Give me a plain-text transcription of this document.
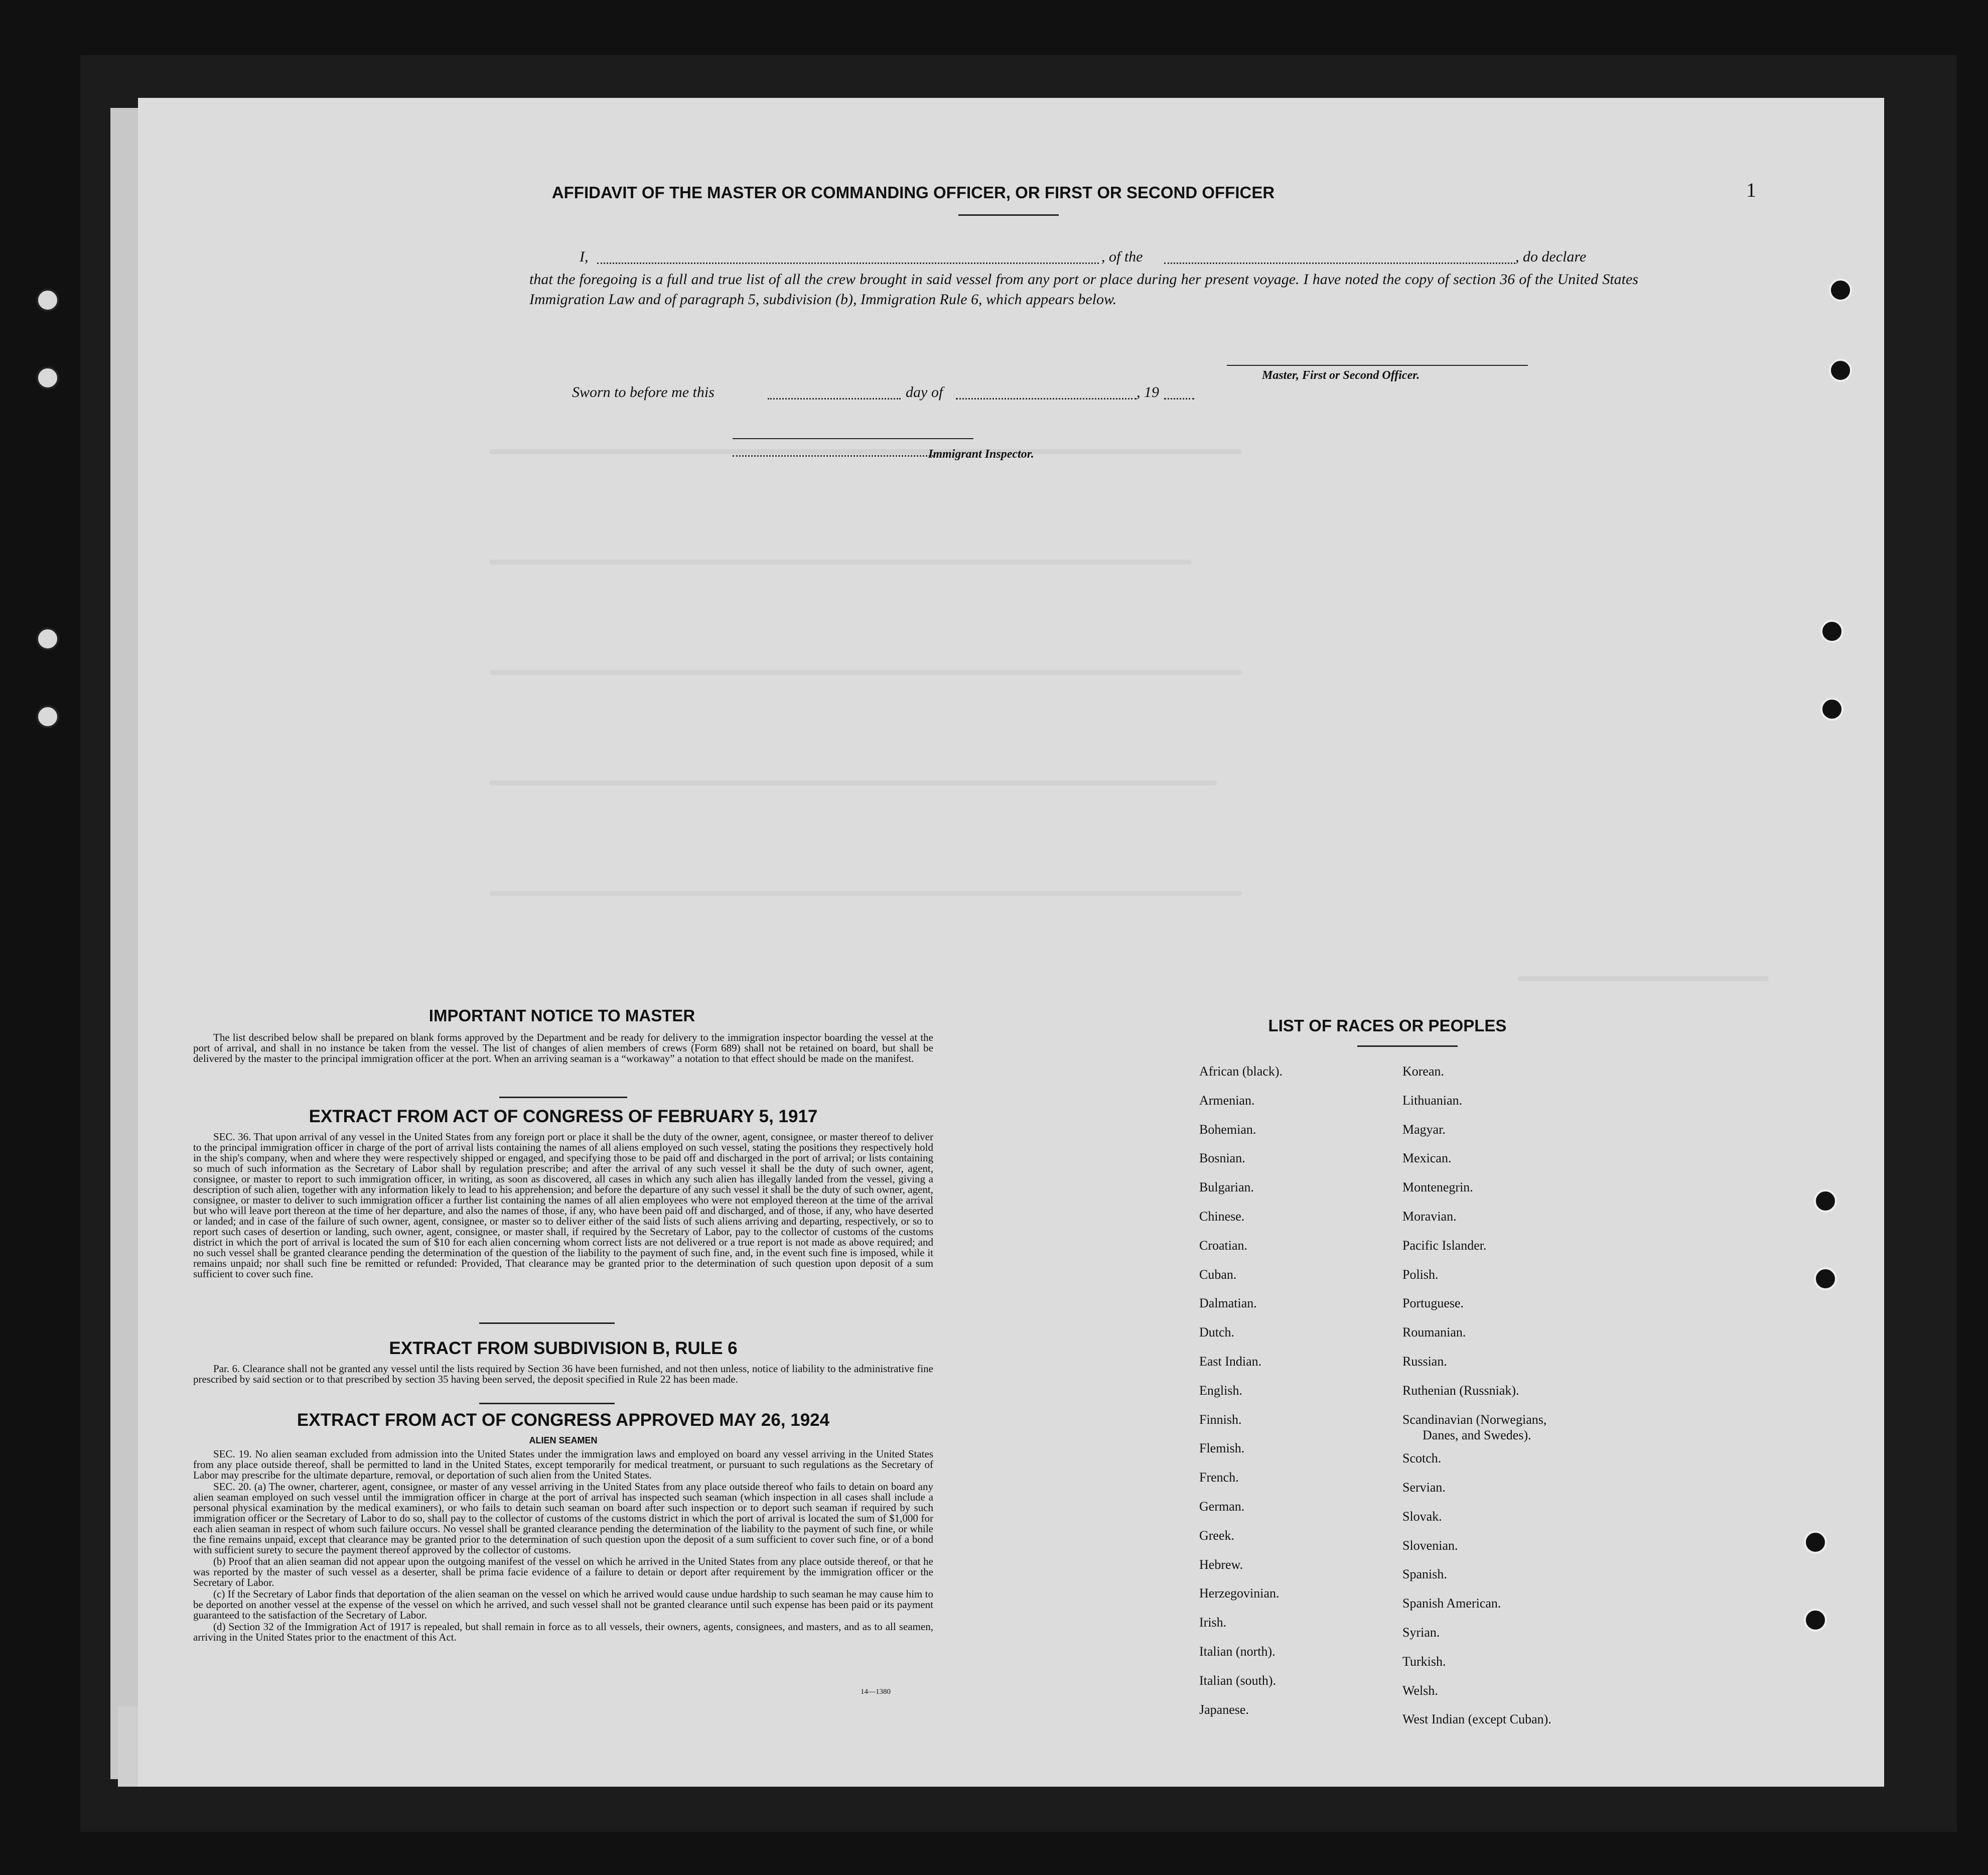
1
AFFIDAVIT OF THE MASTER OR COMMANDING OFFICER, OR FIRST OR SECOND OFFICER
I,	, of the	, do declare
that the foregoing is a full and true list of all the crew brought in said vessel from any port or place during her present voyage. I have noted the copy of section 36 of the United States Immigration Law and of paragraph 5, subdivision (b), Immigration Rule 6, which appears below.
Master, First or Second Officer.
Sworn to before me this	day of	, 19
Immigrant Inspector.
IMPORTANT NOTICE TO MASTER

The list described below shall be prepared on blank forms approved by the Department and be ready for delivery to the immigration inspector boarding the vessel at the port of arrival, and shall in no instance be taken from the vessel. The list of changes of alien members of crews (Form 689) shall not be retained on board, but shall be delivered by the master to the principal immigration officer at the port. When an arriving seaman is a “workaway” a notation to that effect should be made on the manifest.

EXTRACT FROM ACT OF CONGRESS OF FEBRUARY 5, 1917

SEC. 36. That upon arrival of any vessel in the United States from any foreign port or place it shall be the duty of the owner, agent, consignee, or master thereof to deliver to the principal immigration officer in charge of the port of arrival lists containing the names of all aliens employed on such vessel, stating the positions they respectively hold in the ship's company, when and where they were respectively shipped or engaged, and specifying those to be paid off and discharged in the port of arrival; or lists containing so much of such information as the Secretary of Labor shall by regulation prescribe; and after the arrival of any such vessel it shall be the duty of such owner, agent, consignee, or master to report to such immigration officer, in writing, as soon as discovered, all cases in which any such alien has illegally landed from the vessel, giving a description of such alien, together with any information likely to lead to his apprehension; and before the departure of any such vessel it shall be the duty of such owner, agent, consignee, or master to deliver to such immigration officer a further list containing the names of all alien employees who were not employed thereon at the time of the arrival but who will leave port thereon at the time of her departure, and also the names of those, if any, who have been paid off and discharged, and of those, if any, who have deserted or landed; and in case of the failure of such owner, agent, consignee, or master so to deliver either of the said lists of such aliens arriving and departing, respectively, or so to report such cases of desertion or landing, such owner, agent, consignee, or master shall, if required by the Secretary of Labor, pay to the collector of customs of the customs district in which the port of arrival is located the sum of $10 for each alien concerning whom correct lists are not delivered or a true report is not made as above required; and no such vessel shall be granted clearance pending the determination of the question of the liability to the payment of such fine, and, in the event such fine is imposed, while it remains unpaid; nor shall such fine be remitted or refunded: Provided, That clearance may be granted prior to the determination of such question upon deposit of a sum sufficient to cover such fine.

EXTRACT FROM SUBDIVISION B, RULE 6

Par. 6. Clearance shall not be granted any vessel until the lists required by Section 36 have been furnished, and not then unless, notice of liability to the administrative fine prescribed by said section or to that prescribed by section 35 having been served, the deposit specified in Rule 22 has been made.

EXTRACT FROM ACT OF CONGRESS APPROVED MAY 26, 1924
ALIEN SEAMEN

SEC. 19. No alien seaman excluded from admission into the United States under the immigration laws and employed on board any vessel arriving in the United States from any place outside thereof, shall be permitted to land in the United States, except temporarily for medical treatment, or pursuant to such regulations as the Secretary of Labor may prescribe for the ultimate departure, removal, or deportation of such alien from the United States.

SEC. 20. (a) The owner, charterer, agent, consignee, or master of any vessel arriving in the United States from any place outside thereof who fails to detain on board any alien seaman employed on such vessel until the immigration officer in charge at the port of arrival has inspected such seaman (which inspection in all cases shall include a personal physical examination by the medical examiners), or who fails to detain such seaman on board after such inspection or to deport such seaman if required by such immigration officer or the Secretary of Labor to do so, shall pay to the collector of customs of the customs district in which the port of arrival is located the sum of $1,000 for each alien seaman in respect of whom such failure occurs. No vessel shall be granted clearance pending the determination of the liability to the payment of such fine, or while the fine remains unpaid, except that clearance may be granted prior to the determination of such question upon the deposit of a sum sufficient to cover such fine, or of a bond with sufficient surety to secure the payment thereof approved by the collector of customs.

(b) Proof that an alien seaman did not appear upon the outgoing manifest of the vessel on which he arrived in the United States from any place outside thereof, or that he was reported by the master of such vessel as a deserter, shall be prima facie evidence of a failure to detain or deport after requirement by the immigration officer or the Secretary of Labor.

(c) If the Secretary of Labor finds that deportation of the alien seaman on the vessel on which he arrived would cause undue hardship to such seaman he may cause him to be deported on another vessel at the expense of the vessel on which he arrived, and such vessel shall not be granted clearance until such expense has been paid or its payment guaranteed to the satisfaction of the Secretary of Labor.

(d) Section 32 of the Immigration Act of 1917 is repealed, but shall remain in force as to all vessels, their owners, agents, consignees, and masters, and as to all seamen, arriving in the United States prior to the enactment of this Act.

14—1380
LIST OF RACES OR PEOPLES
African (black).
Armenian.
Bohemian.
Bosnian.
Bulgarian.
Chinese.
Croatian.
Cuban.
Dalmatian.
Dutch.
East Indian.
English.
Finnish.
Flemish.
French.
German.
Greek.
Hebrew.
Herzegovinian.
Irish.
Italian (north).
Italian (south).
Japanese.
Korean.
Lithuanian.
Magyar.
Mexican.
Montenegrin.
Moravian.
Pacific Islander.
Polish.
Portuguese.
Roumanian.
Russian.
Ruthenian (Russniak).
Scandinavian (Norwegians,
Danes, and Swedes).
Scotch.
Servian.
Slovak.
Slovenian.
Spanish.
Spanish American.
Syrian.
Turkish.
Welsh.
West Indian (except Cuban).
